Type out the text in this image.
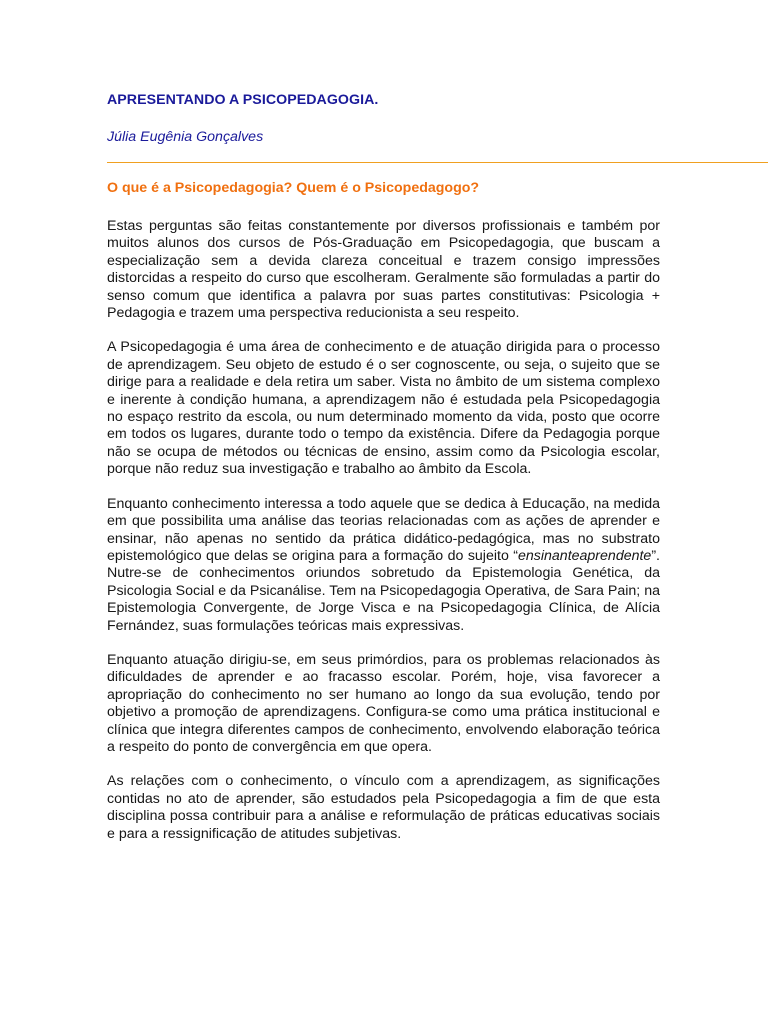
APRESENTANDO A PSICOPEDAGOGIA.

Júlia Eugênia Gonçalves

O que é a Psicopedagogia? Quem é o Psicopedagogo?

Estas perguntas são feitas constantemente por diversos profissionais e também por muitos alunos dos cursos de Pós-Graduação em Psicopedagogia, que buscam a especialização sem a devida clareza conceitual e trazem consigo impressões distorcidas a respeito do curso que escolheram. Geralmente são formuladas a partir do senso comum que identifica a palavra por suas partes constitutivas: Psicologia + Pedagogia e trazem uma perspectiva reducionista a seu respeito.

A Psicopedagogia é uma área de conhecimento e de atuação dirigida para o processo de aprendizagem. Seu objeto de estudo é o ser cognoscente, ou seja, o sujeito que se dirige para a realidade e dela retira um saber. Vista no âmbito de um sistema complexo e inerente à condição humana, a aprendizagem não é estudada pela Psicopedagogia no espaço restrito da escola, ou num determinado momento da vida, posto que ocorre em todos os lugares, durante todo o tempo da existência. Difere da Pedagogia porque não se ocupa de métodos ou técnicas de ensino, assim como da Psicologia escolar, porque não reduz sua investigação e trabalho ao âmbito da Escola.

Enquanto conhecimento interessa a todo aquele que se dedica à Educação, na medida em que possibilita uma análise das teorias relacionadas com as ações de aprender e ensinar, não apenas no sentido da prática didático-pedagógica, mas no substrato epistemológico que delas se origina para a formação do sujeito “ensinanteaprendente”. Nutre-se de conhecimentos oriundos sobretudo da Epistemologia Genética, da Psicologia Social e da Psicanálise. Tem na Psicopedagogia Operativa, de Sara Pain; na Epistemologia Convergente, de Jorge Visca e na Psicopedagogia Clínica, de Alícia Fernández, suas formulações teóricas mais expressivas.

Enquanto atuação dirigiu-se, em seus primórdios, para os problemas relacionados às dificuldades de aprender e ao fracasso escolar. Porém, hoje, visa favorecer a apropriação do conhecimento no ser humano ao longo da sua evolução, tendo por objetivo a promoção de aprendizagens. Configura-se como uma prática institucional e clínica que integra diferentes campos de conhecimento, envolvendo elaboração teórica a respeito do ponto de convergência em que opera.

As relações com o conhecimento, o vínculo com a aprendizagem, as significações contidas no ato de aprender, são estudados pela Psicopedagogia a fim de que esta disciplina possa contribuir para a análise e reformulação de práticas educativas sociais e para a ressignificação de atitudes subjetivas.
